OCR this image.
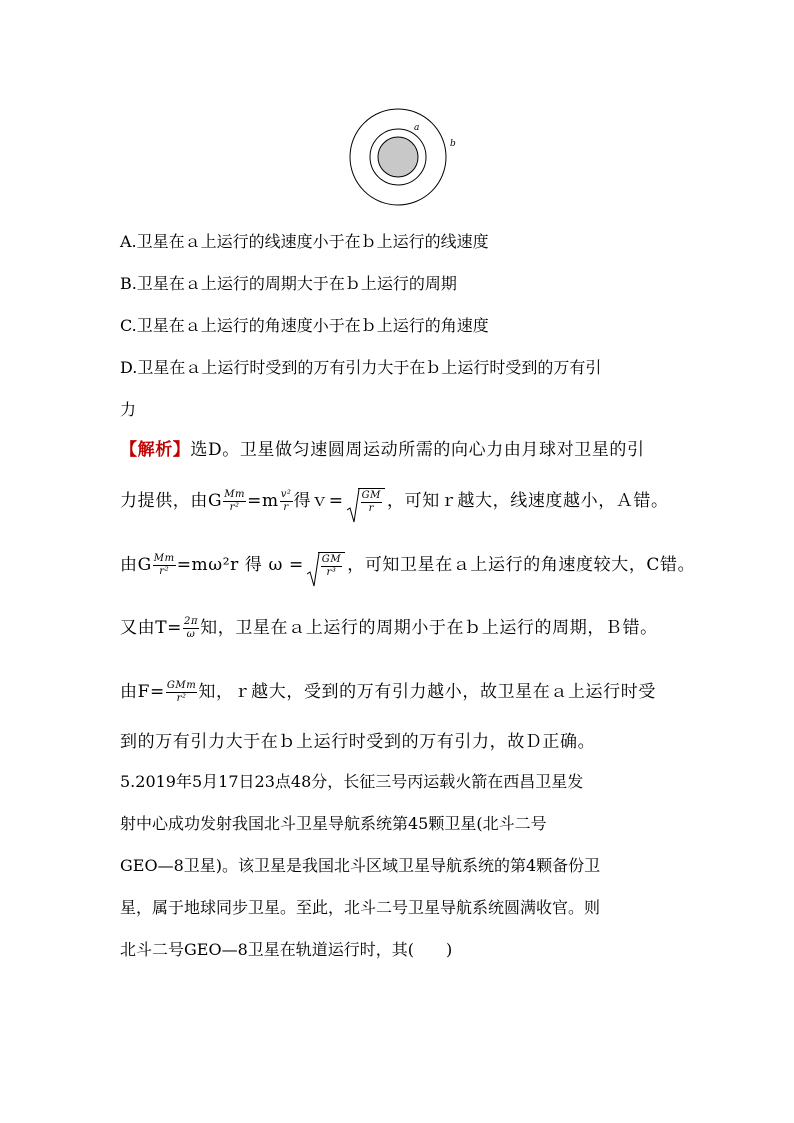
a
b
A.卫星在ａ上运行的线速度小于在ｂ上运行的线速度
B.卫星在ａ上运行的周期大于在ｂ上运行的周期
C.卫星在ａ上运行的角速度小于在ｂ上运行的角速度
D.卫星在ａ上运行时受到的万有引力大于在ｂ上运行时受到的万有引
力
【解析】选D。卫星做匀速圆周运动所需的向心力由月球对卫星的引
力提供，由G $\frac{Mm}{\text{r²}} =m \frac{\text{v²}}{r}$ 得ｖ= $\frac{GM}{r}$ ，可知ｒ越大，线速度越小，Ａ错。
由G $\frac{Mm}{\text{r²}} =m\omega^2r$ 得 $\omega = \frac{GM}{\text{r³}}$ ，可知卫星在ａ上运行的角速度较大，C错。
又由$T= \frac{2\pi}{\omega}$ 知，卫星在ａ上运行的周期小于在ｂ上运行的周期，Ｂ错。
由$F= \frac{\text{GMm}}{\text{r²}}$ 知，ｒ越大，受到的万有引力越小，故卫星在ａ上运行时受
到的万有引力大于在ｂ上运行时受到的万有引力，故Ｄ正确。
5.2019年5月17日23点48分，长征三号丙运载火箭在西昌卫星发
射中心成功发射我国北斗卫星导航系统第45颗卫星(北斗二号
GEO—8卫星)。该卫星是我国北斗区域卫星导航系统的第4颗备份卫
星，属于地球同步卫星。至此，北斗二号卫星导航系统圆满收官。则
北斗二号GEO—8卫星在轨道运行时，其(　　)
